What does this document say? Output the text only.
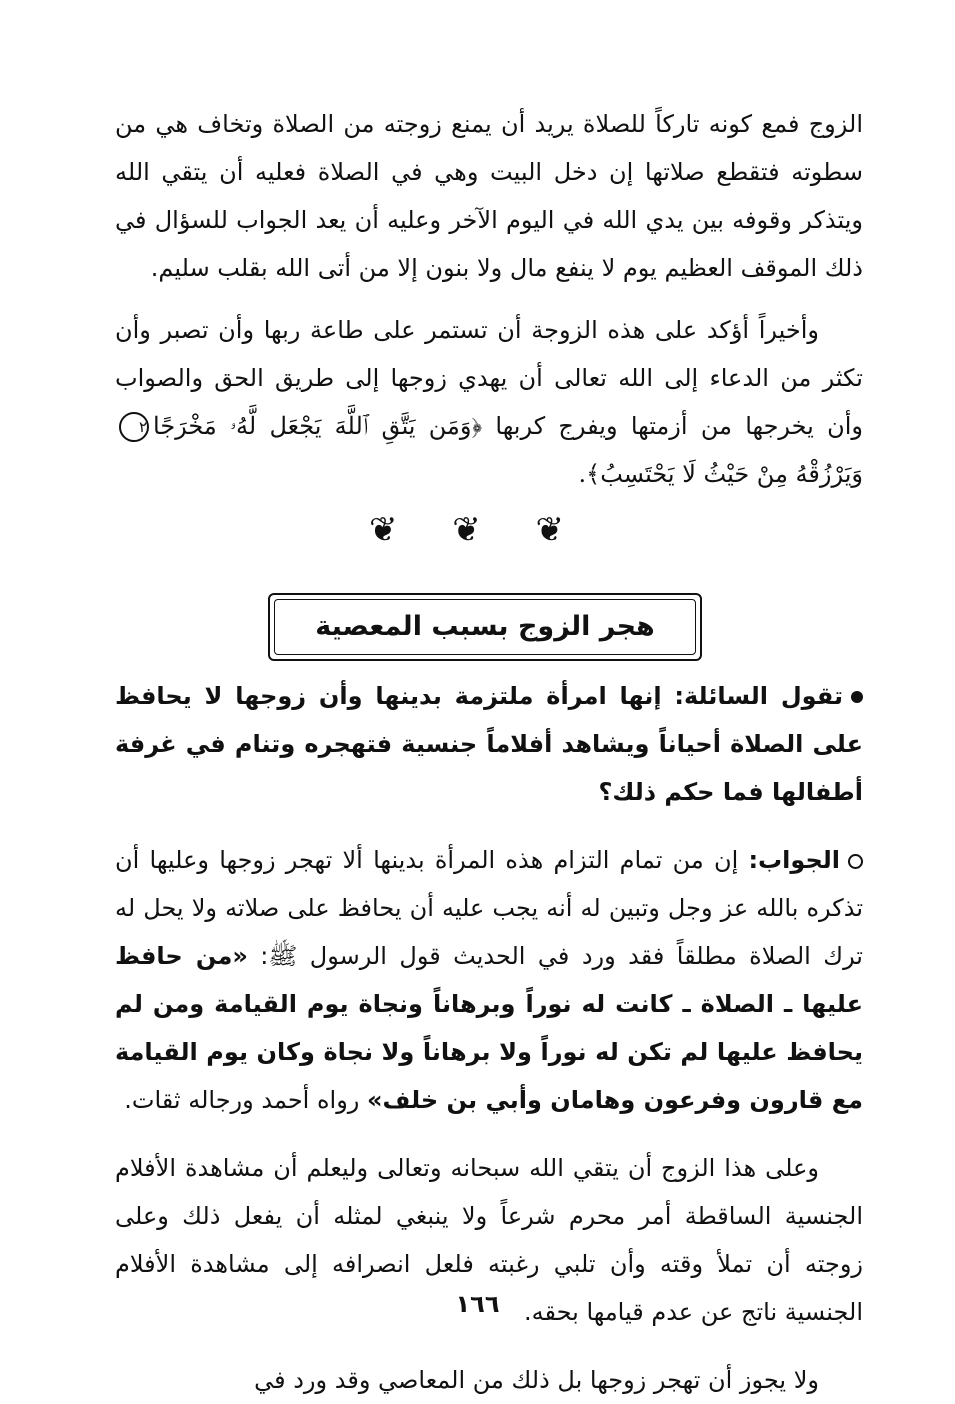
الزوج فمع كونه تاركاً للصلاة يريد أن يمنع زوجته من الصلاة وتخاف هي من سطوته فتقطع صلاتها إن دخل البيت وهي في الصلاة فعليه أن يتقي الله ويتذكر وقوفه بين يدي الله في اليوم الآخر وعليه أن يعد الجواب للسؤال في ذلك الموقف العظيم يوم لا ينفع مال ولا بنون إلا من أتى الله بقلب سليم.

وأخيراً أؤكد على هذه الزوجة أن تستمر على طاعة ربها وأن تصبر وأن تكثر من الدعاء إلى الله تعالى أن يهدي زوجها إلى طريق الحق والصواب وأن يخرجها من أزمتها ويفرج كربها ﴿وَمَن يَتَّقِ ٱللَّهَ يَجْعَل لَّهُۥ مَخْرَجًا٢وَيَرْزُقْهُ مِنْ حَيْثُ لَا يَحْتَسِبُ﴾.

❦ ❦ ❦
هجر الزوج بسبب المعصية

تقول السائلة: إنها امرأة ملتزمة بدينها وأن زوجها لا يحافظ على الصلاة أحياناً ويشاهد أفلاماً جنسية فتهجره وتنام في غرفة أطفالها فما حكم ذلك؟

الجواب: إن من تمام التزام هذه المرأة بدينها ألا تهجر زوجها وعليها أن تذكره بالله عز وجل وتبين له أنه يجب عليه أن يحافظ على صلاته ولا يحل له ترك الصلاة مطلقاً فقد ورد في الحديث قول الرسول ﷺ: «من حافظ عليها ـ الصلاة ـ كانت له نوراً وبرهاناً ونجاة يوم القيامة ومن لم يحافظ عليها لم تكن له نوراً ولا برهاناً ولا نجاة وكان يوم القيامة مع قارون وفرعون وهامان وأبي بن خلف» رواه أحمد ورجاله ثقات.

وعلى هذا الزوج أن يتقي الله سبحانه وتعالى وليعلم أن مشاهدة الأفلام الجنسية الساقطة أمر محرم شرعاً ولا ينبغي لمثله أن يفعل ذلك وعلى زوجته أن تملأ وقته وأن تلبي رغبته فلعل انصرافه إلى مشاهدة الأفلام الجنسية ناتج عن عدم قيامها بحقه.

ولا يجوز أن تهجر زوجها بل ذلك من المعاصي وقد ورد في

١٦٦
